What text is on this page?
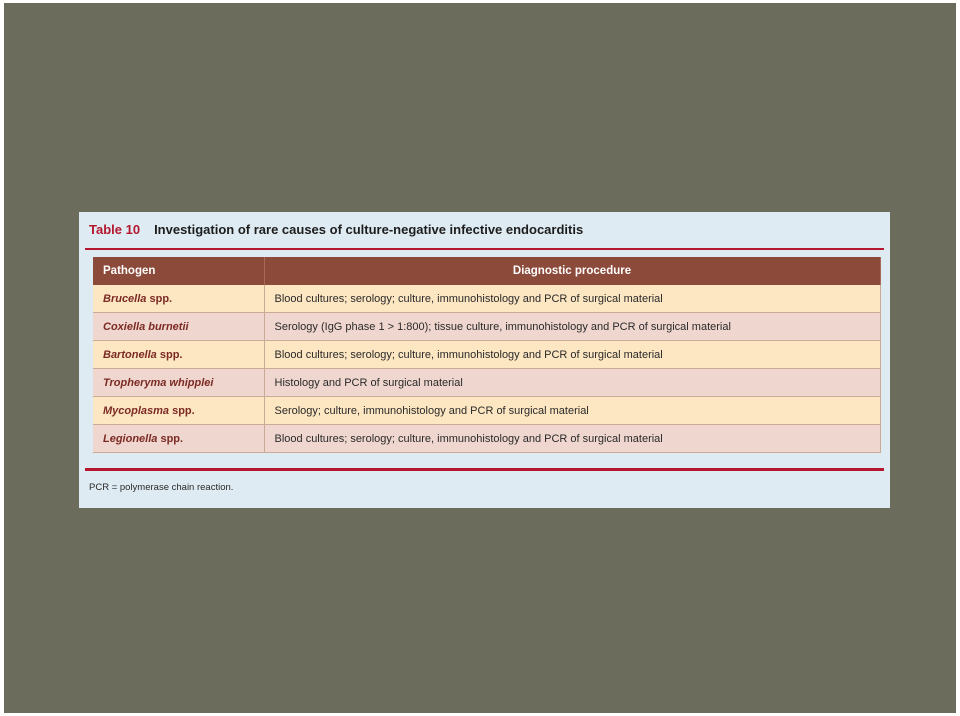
Table 10 Investigation of rare causes of culture-negative infective endocarditis
Pathogen	Diagnostic procedure
Brucella spp.	Blood cultures; serology; culture, immunohistology and PCR of surgical material
Coxiella burnetii	Serology (IgG phase 1 > 1:800); tissue culture, immunohistology and PCR of surgical material
Bartonella spp.	Blood cultures; serology; culture, immunohistology and PCR of surgical material
Tropheryma whipplei	Histology and PCR of surgical material
Mycoplasma spp.	Serology; culture, immunohistology and PCR of surgical material
Legionella spp.	Blood cultures; serology; culture, immunohistology and PCR of surgical material
PCR = polymerase chain reaction.
